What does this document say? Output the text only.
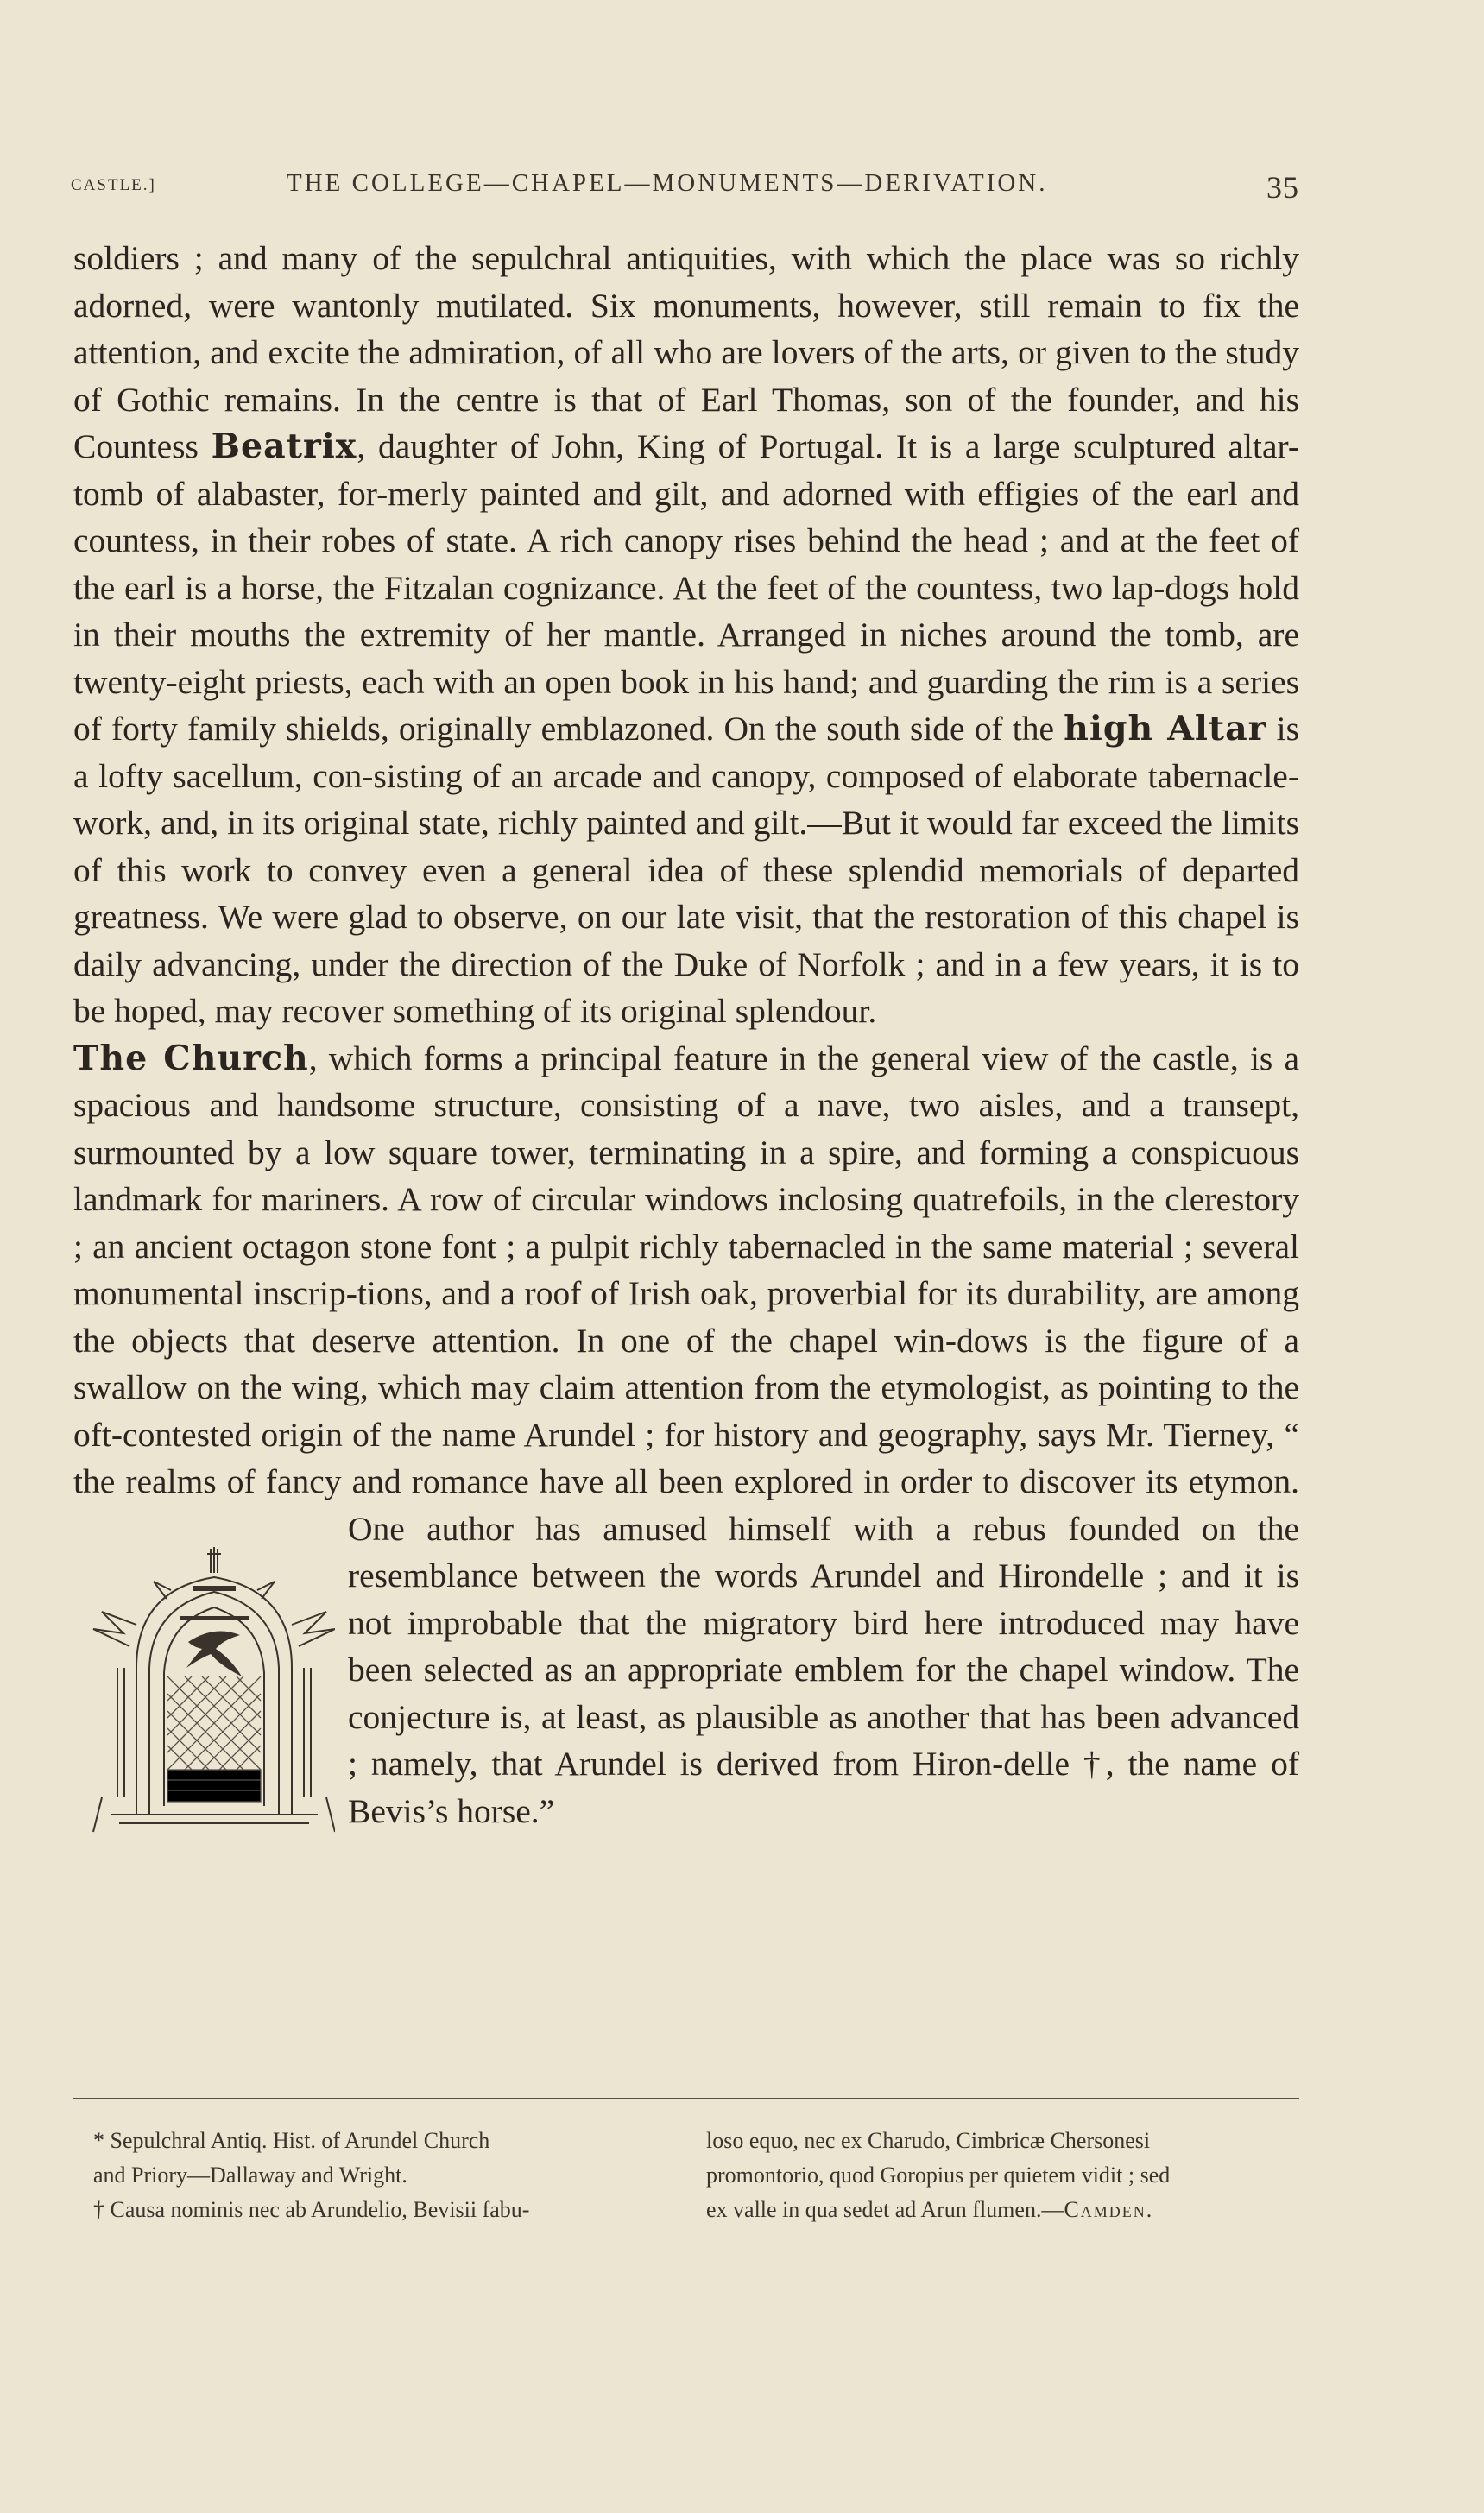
CASTLE.]	THE COLLEGE—CHAPEL—MONUMENTS—DERIVATION.	35

soldiers ; and many of the sepulchral antiquities, with which the place was so richly adorned, were wantonly mutilated. Six monuments, however, still remain to fix the attention, and excite the admiration, of all who are lovers of the arts, or given to the study of Gothic remains. In the centre is that of Earl Thomas, son of the founder, and his Countess Beatrix, daughter of John, King of Portugal. It is a large sculptured altar-tomb of alabaster, for-merly painted and gilt, and adorned with effigies of the earl and countess, in their robes of state. A rich canopy rises behind the head ; and at the feet of the earl is a horse, the Fitzalan cognizance. At the feet of the countess, two lap-dogs hold in their mouths the extremity of her mantle. Arranged in niches around the tomb, are twenty-eight priests, each with an open book in his hand; and guarding the rim is a series of forty family shields, originally emblazoned. On the south side of the high Altar is a lofty sacellum, con-sisting of an arcade and canopy, composed of elaborate tabernacle-work, and, in its original state, richly painted and gilt.—But it would far exceed the limits of this work to convey even a general idea of these splendid memorials of departed greatness. We were glad to observe, on our late visit, that the restoration of this chapel is daily advancing, under the direction of the Duke of Norfolk ; and in a few years, it is to be hoped, may recover something of its original splendour.

The Church, which forms a principal feature in the general view of the castle, is a spacious and handsome structure, consisting of a nave, two aisles, and a transept, surmounted by a low square tower, terminating in a spire, and forming a conspicuous landmark for mariners. A row of circular windows inclosing quatrefoils, in the clerestory ; an ancient octagon stone font ; a pulpit richly tabernacled in the same material ; several monumental inscrip-tions, and a roof of Irish oak, proverbial for its durability, are among the objects that deserve attention. In one of the chapel win-dows is the figure of a swallow on the wing, which may claim attention from the etymologist, as pointing to the oft-contested origin of the name Arundel ; for history and geography, says Mr. Tierney, “ the realms of fancy and romance have all been explored in order to discover its etymon. One author has amused himself with a rebus founded on the resemblance between the words Arundel and Hirondelle ; and it is not improbable that the migratory bird here introduced may have been selected as an appropriate emblem for the chapel window. The conjecture is, at least, as plausible as another that has been advanced ; namely, that Arundel is derived from Hiron-delle †, the name of Bevis’s horse.”

* Sepulchral Antiq. Hist. of Arundel Church
and Priory—Dallaway and Wright.
† Causa nominis nec ab Arundelio, Bevisii fabu-
loso equo, nec ex Charudo, Cimbricæ Chersonesi
promontorio, quod Goropius per quietem vidit ; sed
ex valle in qua sedet ad Arun flumen.—Camden.
